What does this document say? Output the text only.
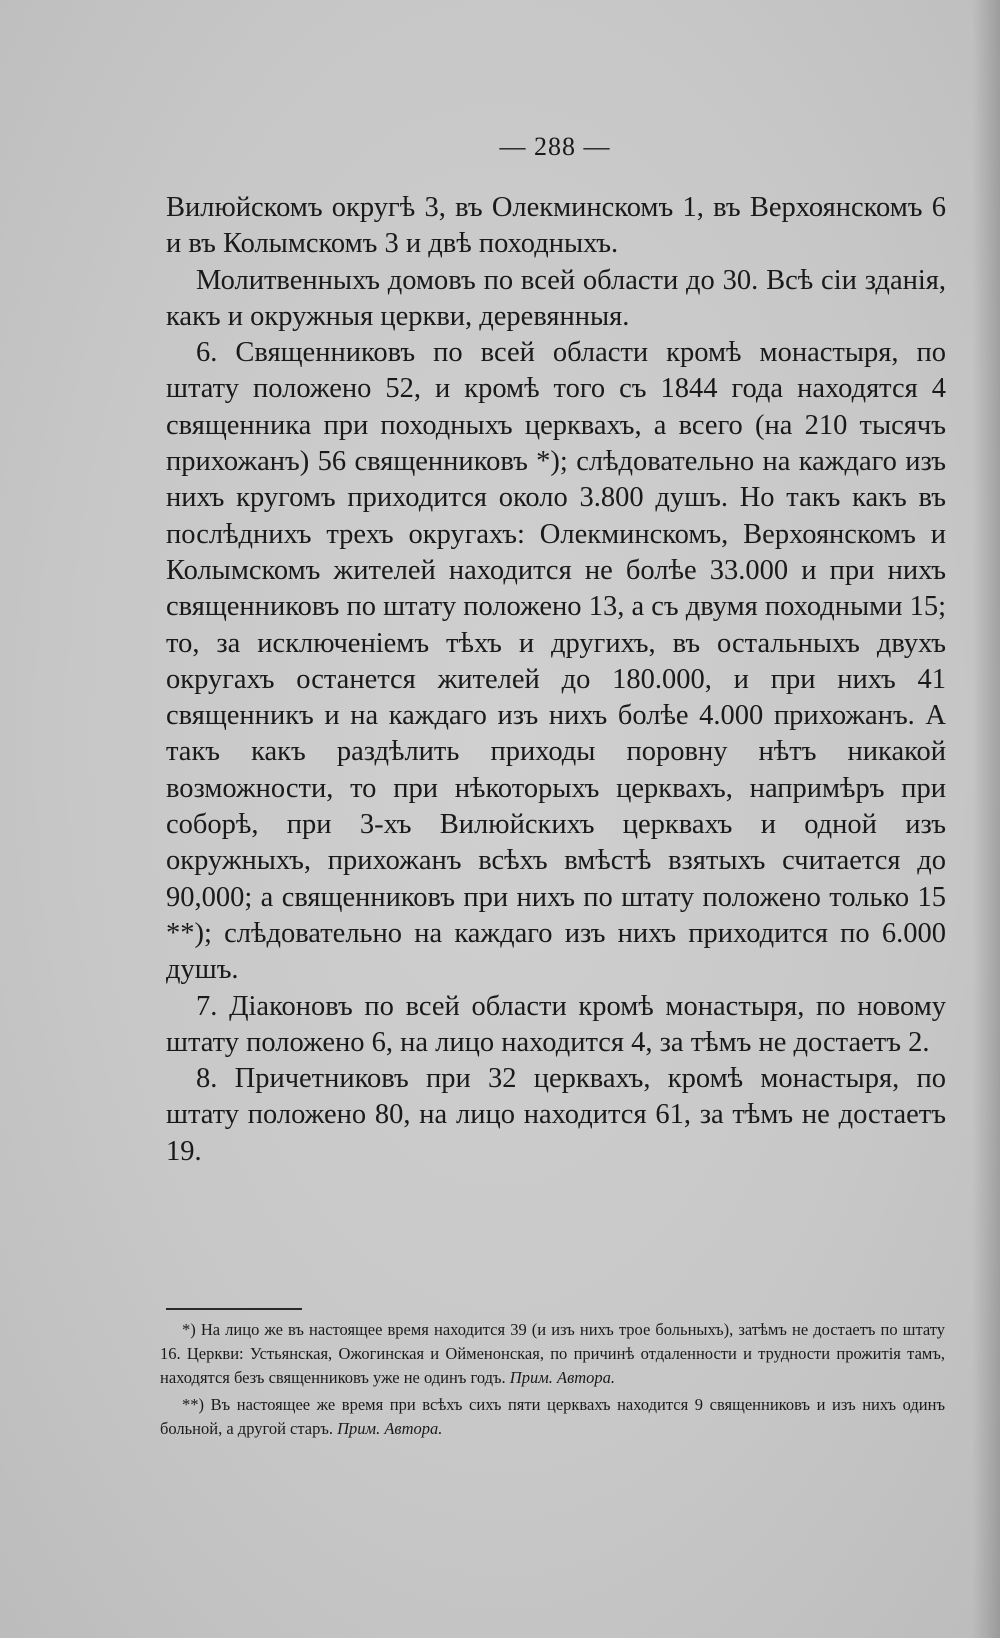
— 288 —

Вилюйскомъ округѣ 3, въ Олекминскомъ 1, въ Верхоянскомъ 6 и въ Колымскомъ 3 и двѣ походныхъ.

Молитвенныхъ домовъ по всей области до 30. Всѣ сіи зданія, какъ и окружныя церкви, деревянныя.

6. Священниковъ по всей области кромѣ монастыря, по штату положено 52, и кромѣ того съ 1844 года находятся 4 священника при походныхъ церквахъ, а всего (на 210 тысячъ прихожанъ) 56 священниковъ *); слѣдовательно на каждаго изъ нихъ кругомъ приходится около 3.800 душъ. Но такъ какъ въ послѣднихъ трехъ округахъ: Олекминскомъ, Верхоянскомъ и Колымскомъ жителей находится не болѣе 33.000 и при нихъ священниковъ по штату положено 13, а съ двумя походными 15; то, за исключеніемъ тѣхъ и другихъ, въ остальныхъ двухъ округахъ останется жителей до 180.000, и при нихъ 41 священникъ и на каждаго изъ нихъ болѣе 4.000 прихожанъ. А такъ какъ раздѣлить приходы поровну нѣтъ никакой возможности, то при нѣкоторыхъ церквахъ, напримѣръ при соборѣ, при 3-хъ Вилюйскихъ церквахъ и одной изъ окружныхъ, прихожанъ всѣхъ вмѣстѣ взятыхъ считается до 90,000; а священниковъ при нихъ по штату положено только 15 **); слѣдовательно на каждаго изъ нихъ приходится по 6.000 душъ.

7. Діаконовъ по всей области кромѣ монастыря, по новому штату положено 6, на лицо находится 4, за тѣмъ не достаетъ 2.

8. Причетниковъ при 32 церквахъ, кромѣ монастыря, по штату положено 80, на лицо находится 61, за тѣмъ не достаетъ 19.

*) На лицо же въ настоящее время находится 39 (и изъ нихъ трое больныхъ), затѣмъ не достаетъ по штату 16. Церкви: Устьянская, Ожогинская и Ойменонская, по причинѣ отдаленности и трудности прожитія тамъ, находятся безъ священниковъ уже не одинъ годъ. Прим. Автора.

**) Въ настоящее же время при всѣхъ сихъ пяти церквахъ находится 9 священниковъ и изъ нихъ одинъ больной, а другой старъ. Прим. Автора.
